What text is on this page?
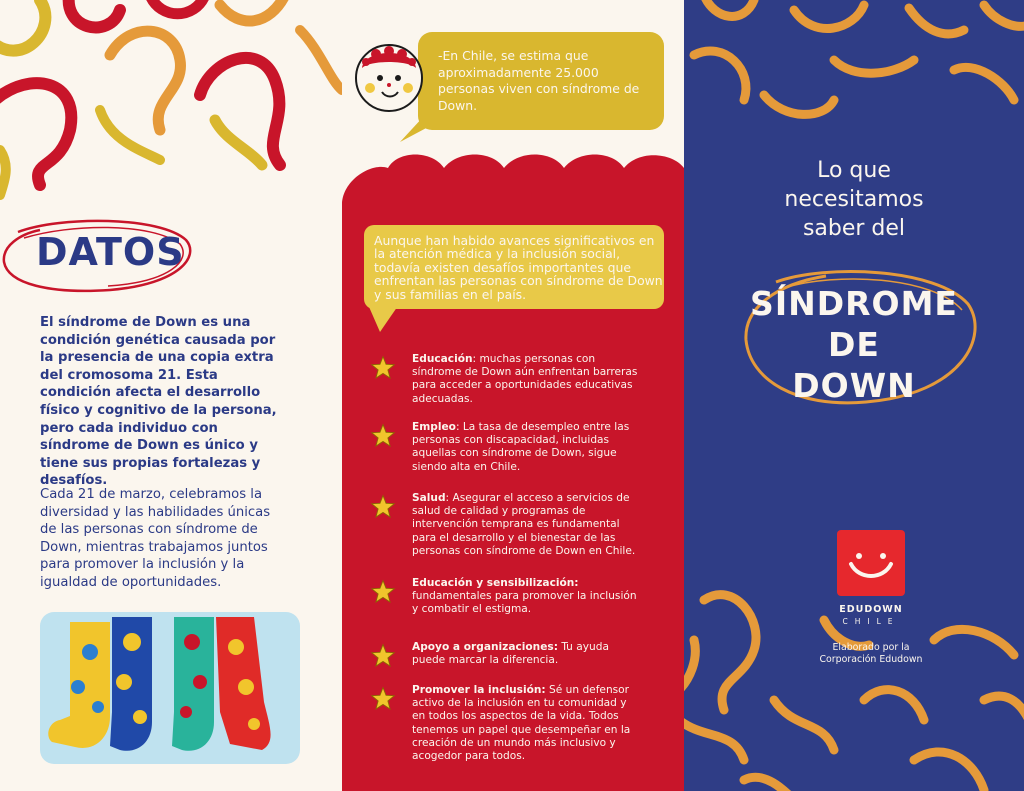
DATOS

El síndrome de Down es una condición genética causada por la presencia de una copia extra del cromosoma 21. Esta condición afecta el desarrollo físico y cognitivo de la persona, pero cada individuo con síndrome de Down es único y tiene sus propias fortalezas y desafíos.

Cada 21 de marzo, celebramos la diversidad y las habilidades únicas de las personas con síndrome de Down, mientras trabajamos juntos para promover la inclusión y la igualdad de oportunidades.

-En Chile, se estima que aproximadamente 25.000 personas viven con síndrome de Down.

Aunque han habido avances significativos en la atención médica y la inclusión social, todavía existen desafíos importantes que enfrentan las personas con síndrome de Down y sus familias en el país.

Educación: muchas personas con síndrome de Down aún enfrentan barreras para acceder a oportunidades educativas adecuadas.

Empleo: La tasa de desempleo entre las personas con discapacidad, incluidas aquellas con síndrome de Down, sigue siendo alta en Chile.

Salud: Asegurar el acceso a servicios de salud de calidad y programas de intervención temprana es fundamental para el desarrollo y el bienestar de las personas con síndrome de Down en Chile.

Educación y sensibilización: fundamentales para promover la inclusión y combatir el estigma.

Apoyo a organizaciones: Tu ayuda puede marcar la diferencia.

Promover la inclusión: Sé un defensor activo de la inclusión en tu comunidad y en todos los aspectos de la vida. Todos tenemos un papel que desempeñar en la creación de un mundo más inclusivo y acogedor para todos.

Lo que
necesitamos
saber del
SÍNDROME
DE
DOWN
EDUDOWN
CHILE
Elaborado por la
Corporación Edudown
